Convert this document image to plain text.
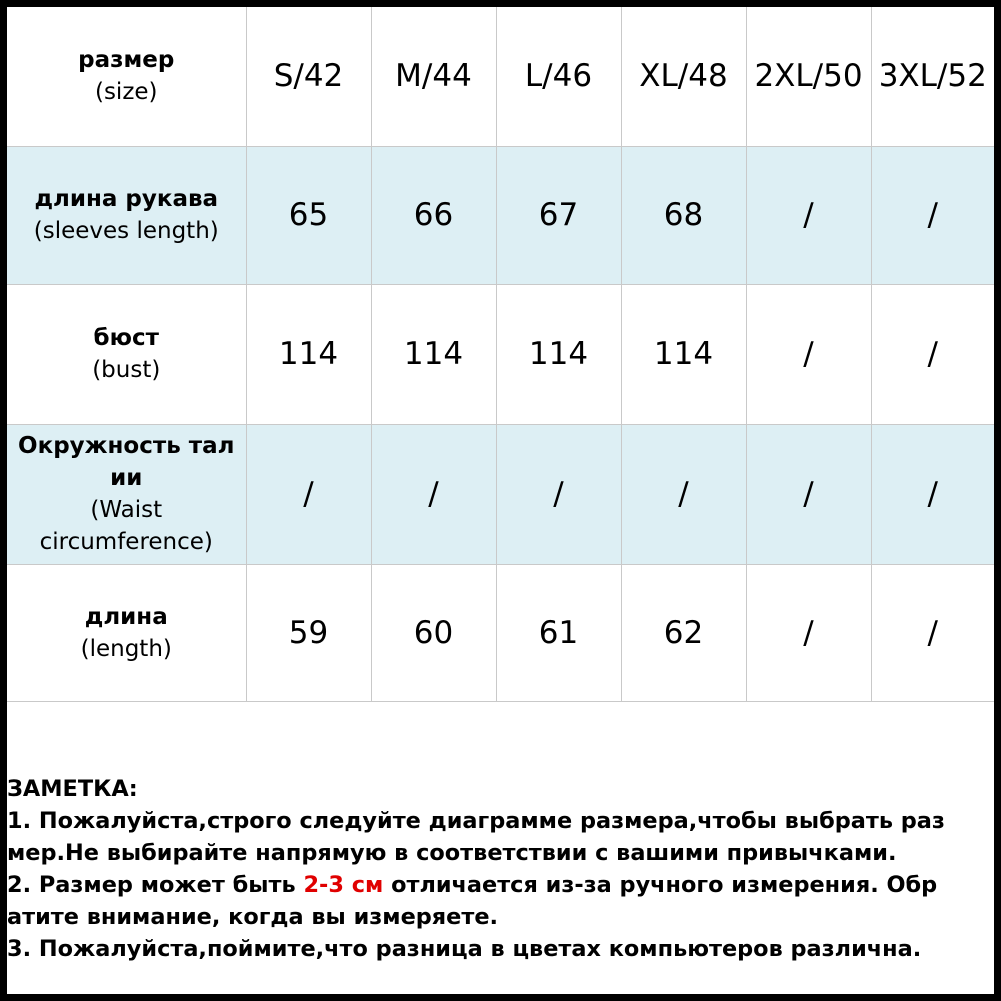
размер
(size)	S/42	M/44	L/46	XL/48	2XL/50	3XL/52

длина рукава
(sleeves length)	65	66	67	68	/	/

бюст
(bust)	114	114	114	114	/	/

Окружность тал
ии
(Waist
circumference)	/	/	/	/	/	/

длина
(length)	59	60	61	62	/	/
ЗАМЕТКА:
1. Пожалуйста,строго следуйте диаграмме размера,чтобы выбрать раз
мер.Не выбирайте напрямую в соответствии с вашими привычками.
2. Размер может быть 2-3 см отличается из-за ручного измерения. Обр
атите внимание, когда вы измеряете.
3. Пожалуйста,поймите,что разница в цветах компьютеров различна.
